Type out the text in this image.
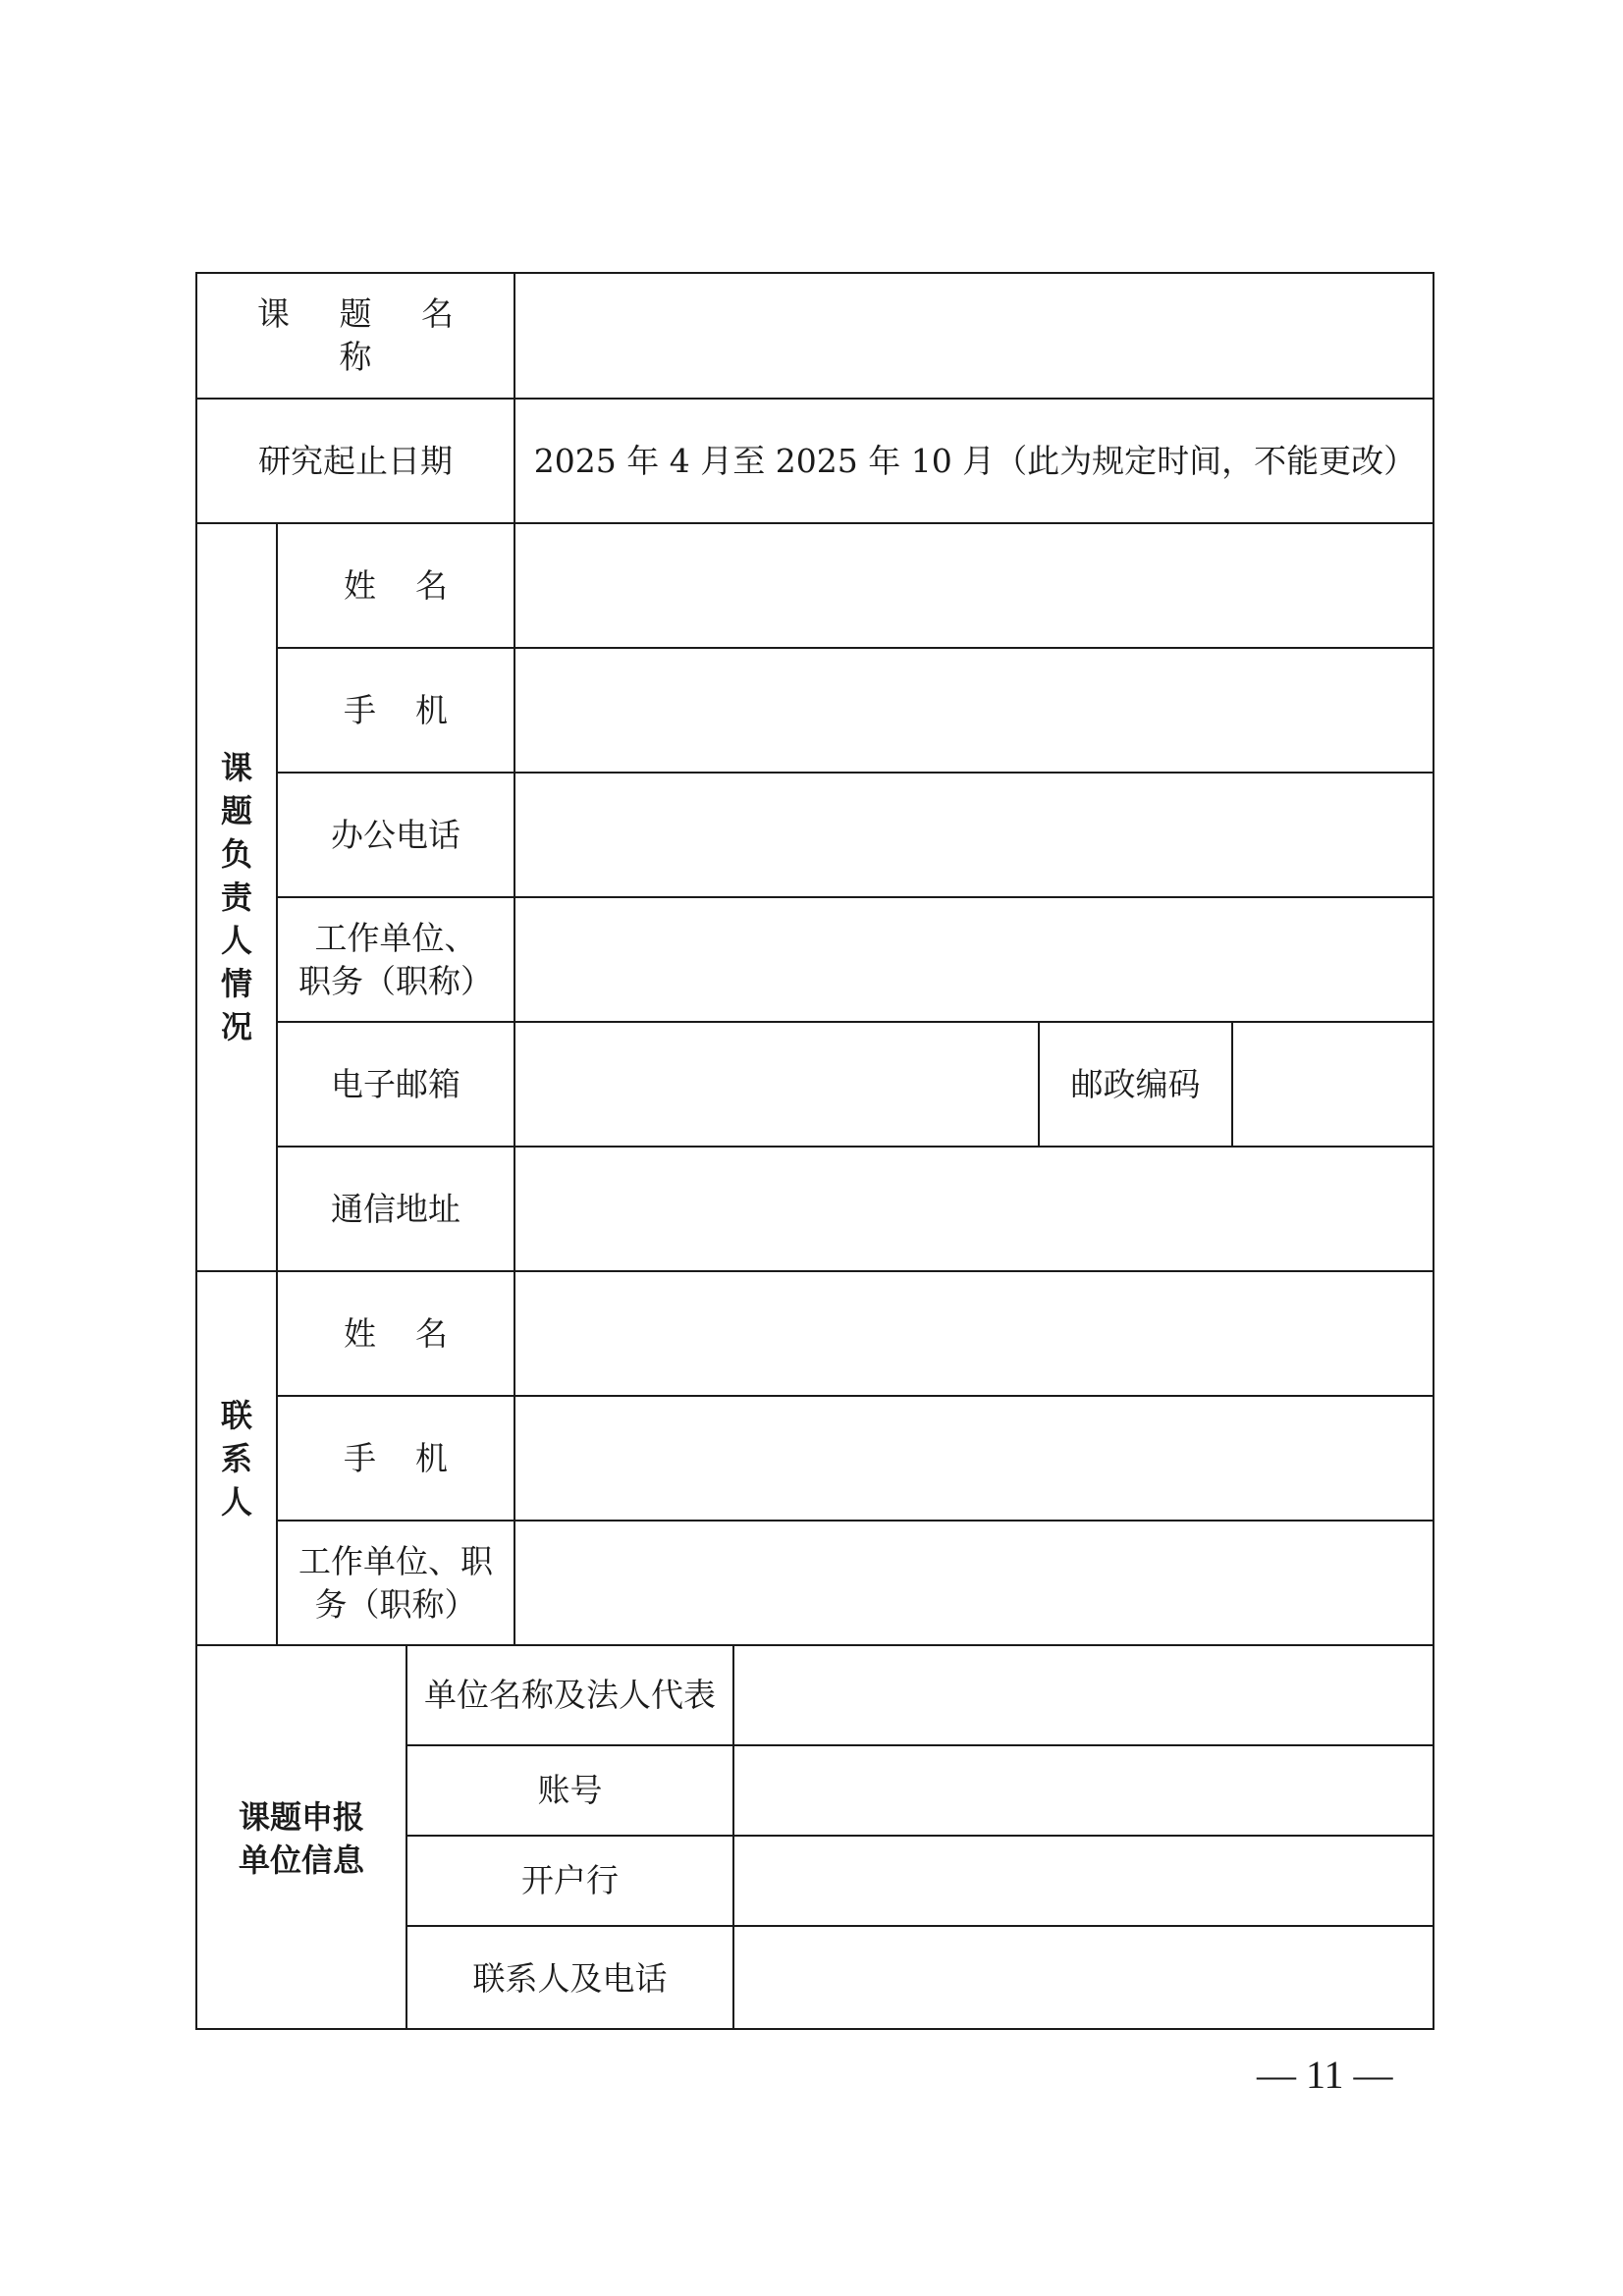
课 题 名 称
研究起止日期	2025 年 4 月至 2025 年 10 月（此为规定时间，不能更改）
课
题
负
责
人
情
况
姓名
手机
办公电话
工作单位、
职务（职称）
电子邮箱	邮政编码
通信地址
联
系
人
姓名
手机
工作单位、职
务（职称）
课题申报
单位信息
单位名称及法人代表
账号
开户行
联系人及电话
— 11 —
